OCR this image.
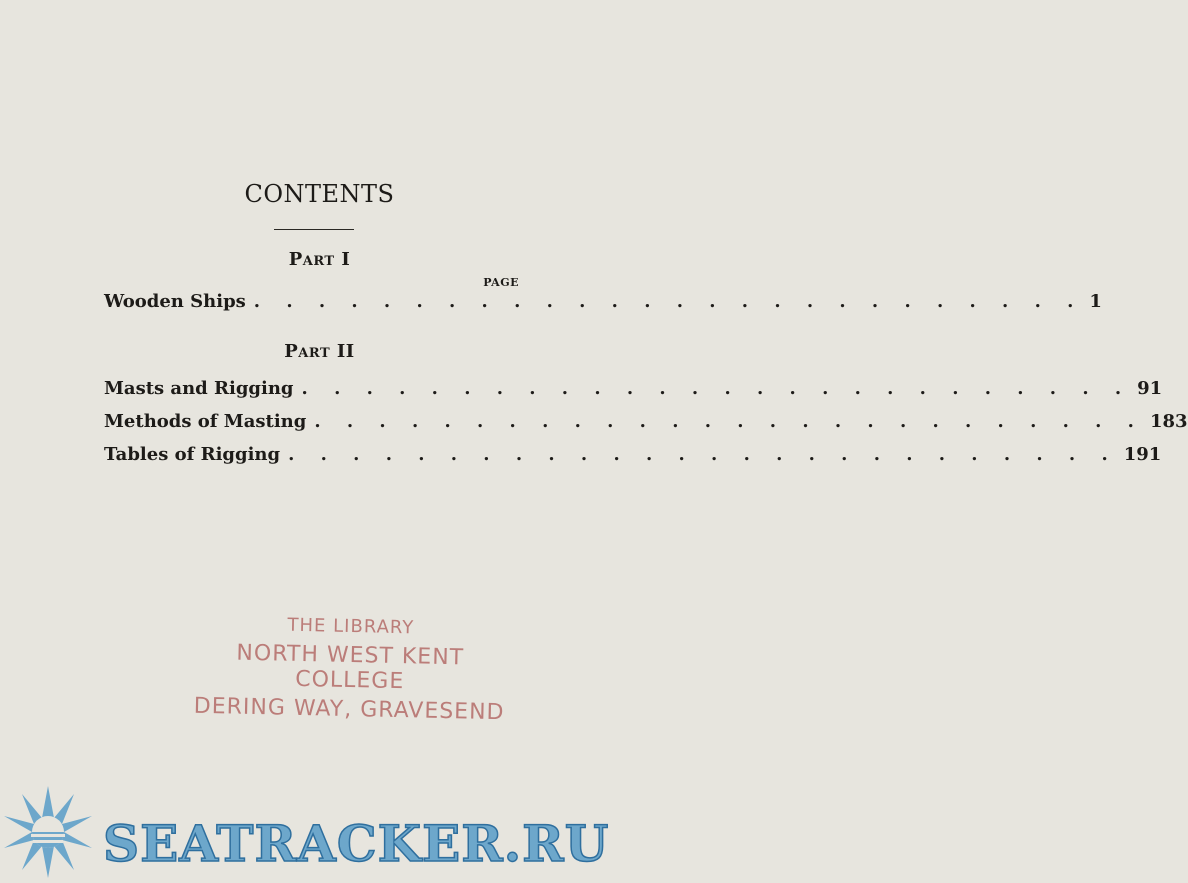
CONTENTS
Part I
PAGE
Wooden Ships . . . . . . . . . . . . . . . . . . . . . . . . . . 1
Part II
Masts and Rigging . . . . . . . . . . . . . . . . . . . . . . . . . . 91
Methods of Masting . . . . . . . . . . . . . . . . . . . . . . . . . . 183
Tables of Rigging . . . . . . . . . . . . . . . . . . . . . . . . . . 191
THE LIBRARY
NORTH WEST KENT COLLEGE
DERING WAY, GRAVESEND
SEATRACKER.RU
